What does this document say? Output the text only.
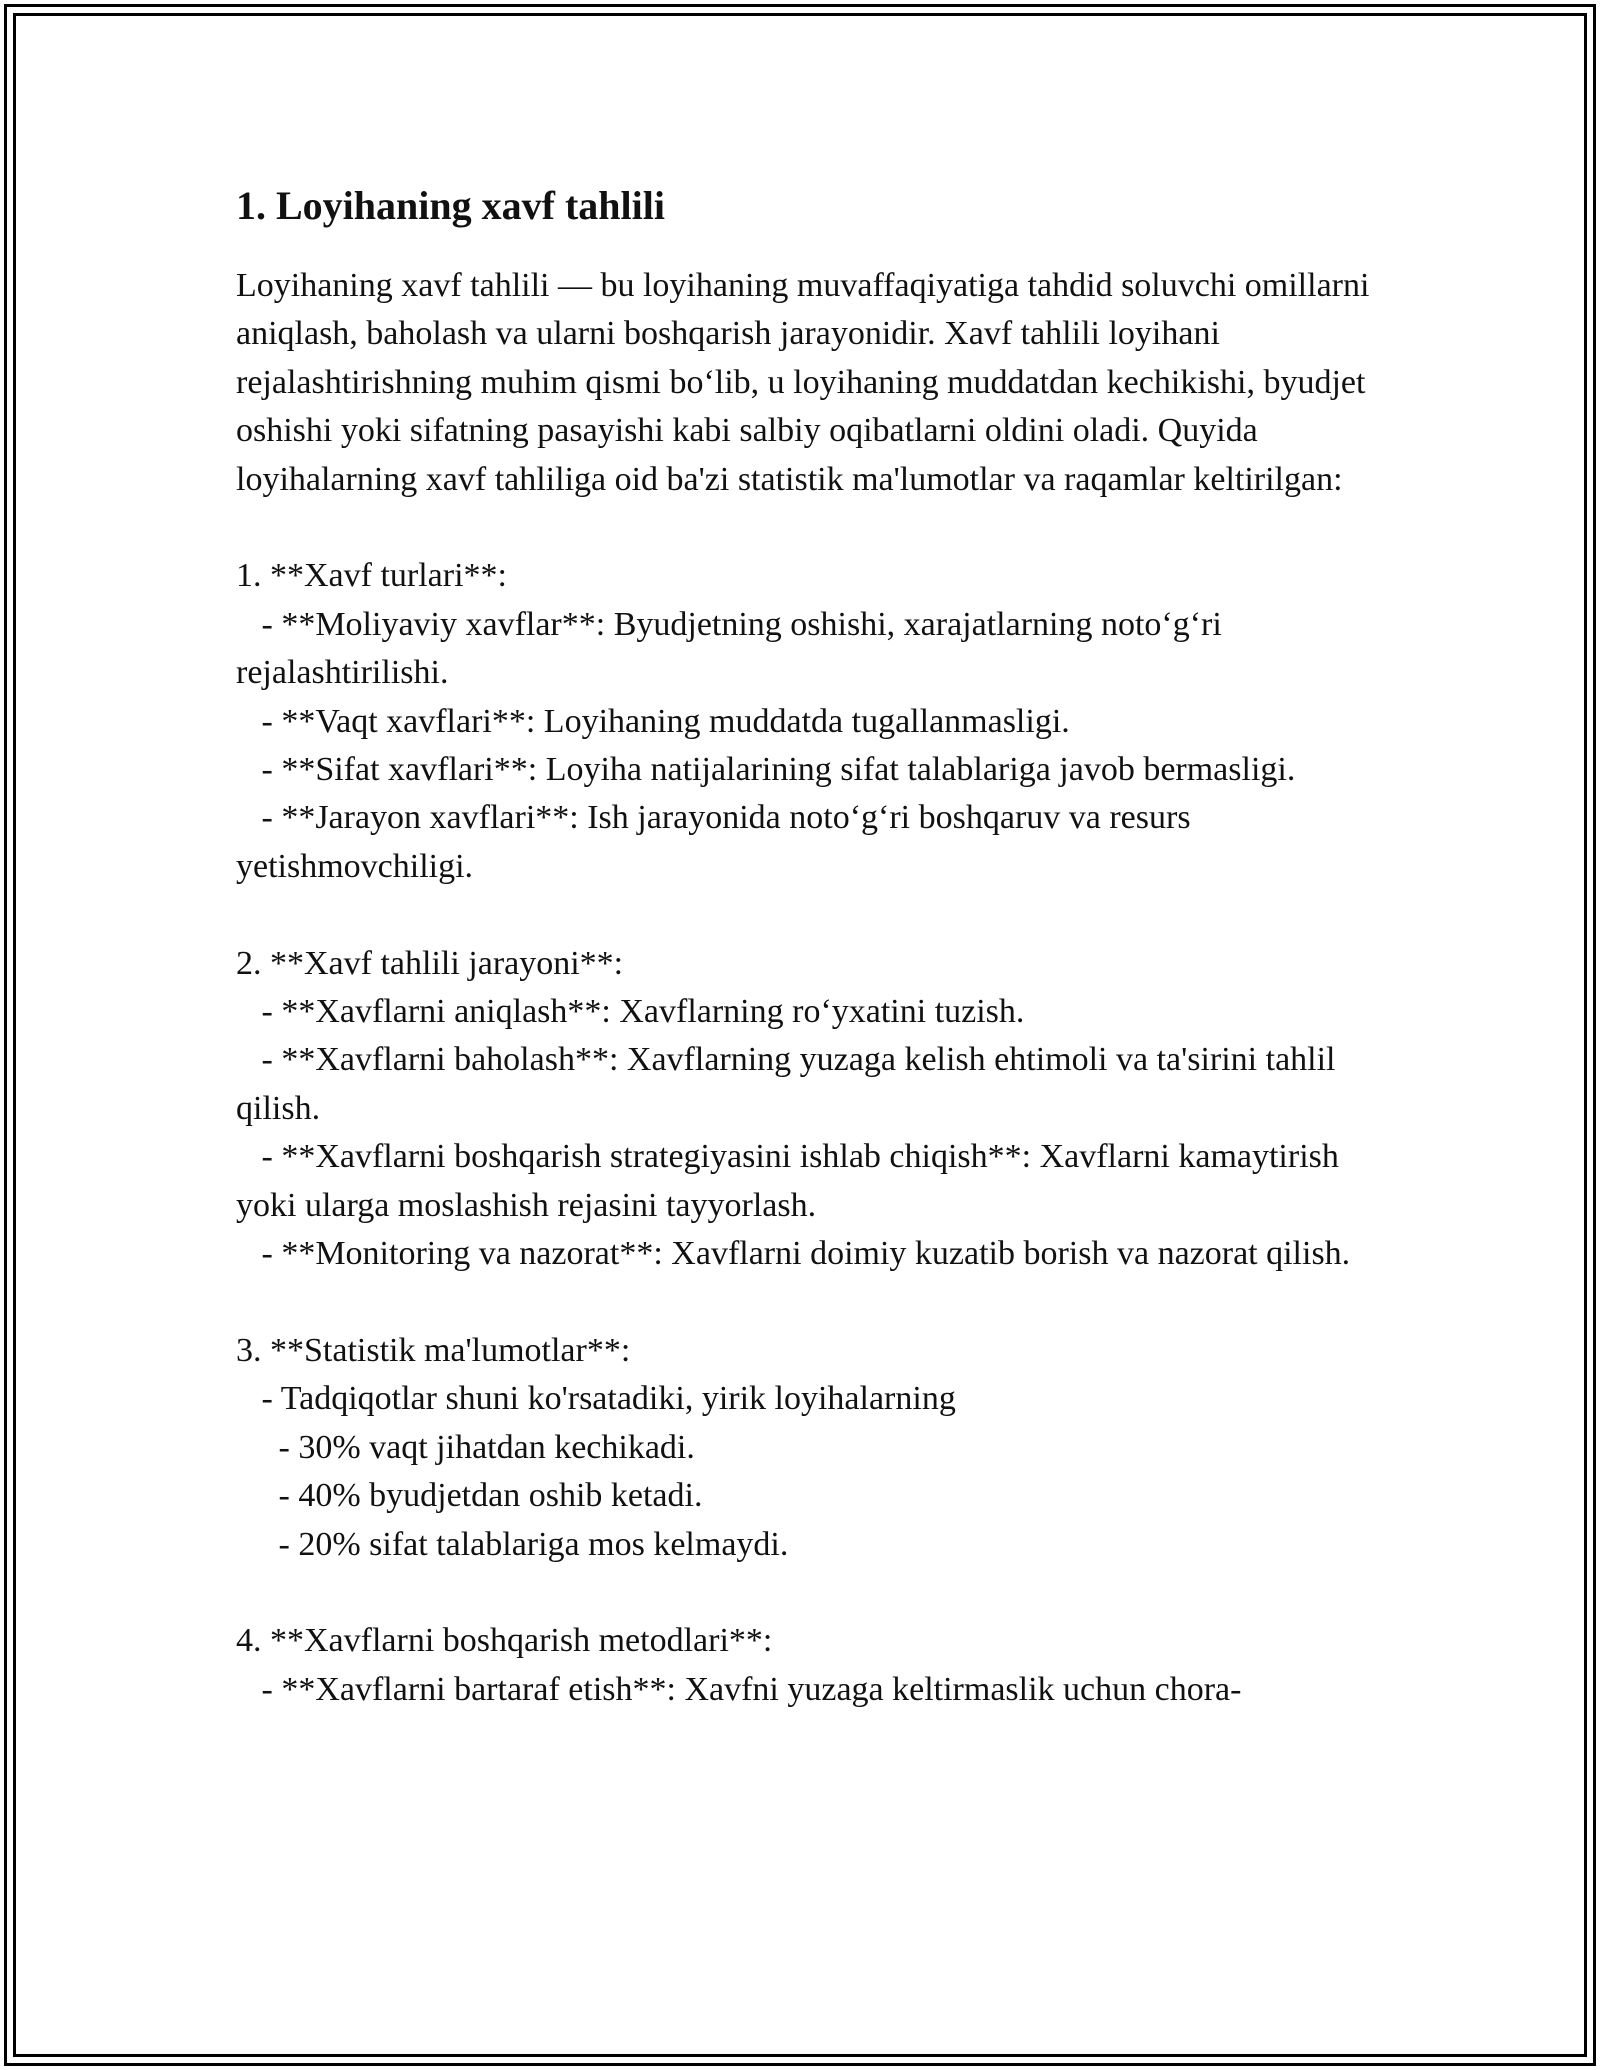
1. Loyihaning xavf tahlili

Loyihaning xavf tahlili — bu loyihaning muvaffaqiyatiga tahdid soluvchi omillarni aniqlash, baholash va ularni boshqarish jarayonidir. Xavf tahlili loyihani rejalashtirishning muhim qismi bo‘lib, u loyihaning muddatdan kechikishi, byudjet oshishi yoki sifatning pasayishi kabi salbiy oqibatlarni oldini oladi. Quyida loyihalarning xavf tahliliga oid ba'zi statistik ma'lumotlar va raqamlar keltirilgan:

1. **Xavf turlari**:
- **Moliyaviy xavflar**: Byudjetning oshishi, xarajatlarning noto‘g‘ri rejalashtirilishi.
- **Vaqt xavflari**: Loyihaning muddatda tugallanmasligi.
- **Sifat xavflari**: Loyiha natijalarining sifat talablariga javob bermasligi.
- **Jarayon xavflari**: Ish jarayonida noto‘g‘ri boshqaruv va resurs yetishmovchiligi.
2. **Xavf tahlili jarayoni**:
- **Xavflarni aniqlash**: Xavflarning ro‘yxatini tuzish.
- **Xavflarni baholash**: Xavflarning yuzaga kelish ehtimoli va ta'sirini tahlil qilish.
- **Xavflarni boshqarish strategiyasini ishlab chiqish**: Xavflarni kamaytirish yoki ularga moslashish rejasini tayyorlash.
- **Monitoring va nazorat**: Xavflarni doimiy kuzatib borish va nazorat qilish.
3. **Statistik ma'lumotlar**:
- Tadqiqotlar shuni ko'rsatadiki, yirik loyihalarning
- 30% vaqt jihatdan kechikadi.
- 40% byudjetdan oshib ketadi.
- 20% sifat talablariga mos kelmaydi.
4. **Xavflarni boshqarish metodlari**:
- **Xavflarni bartaraf etish**: Xavfni yuzaga keltirmaslik uchun chora-
